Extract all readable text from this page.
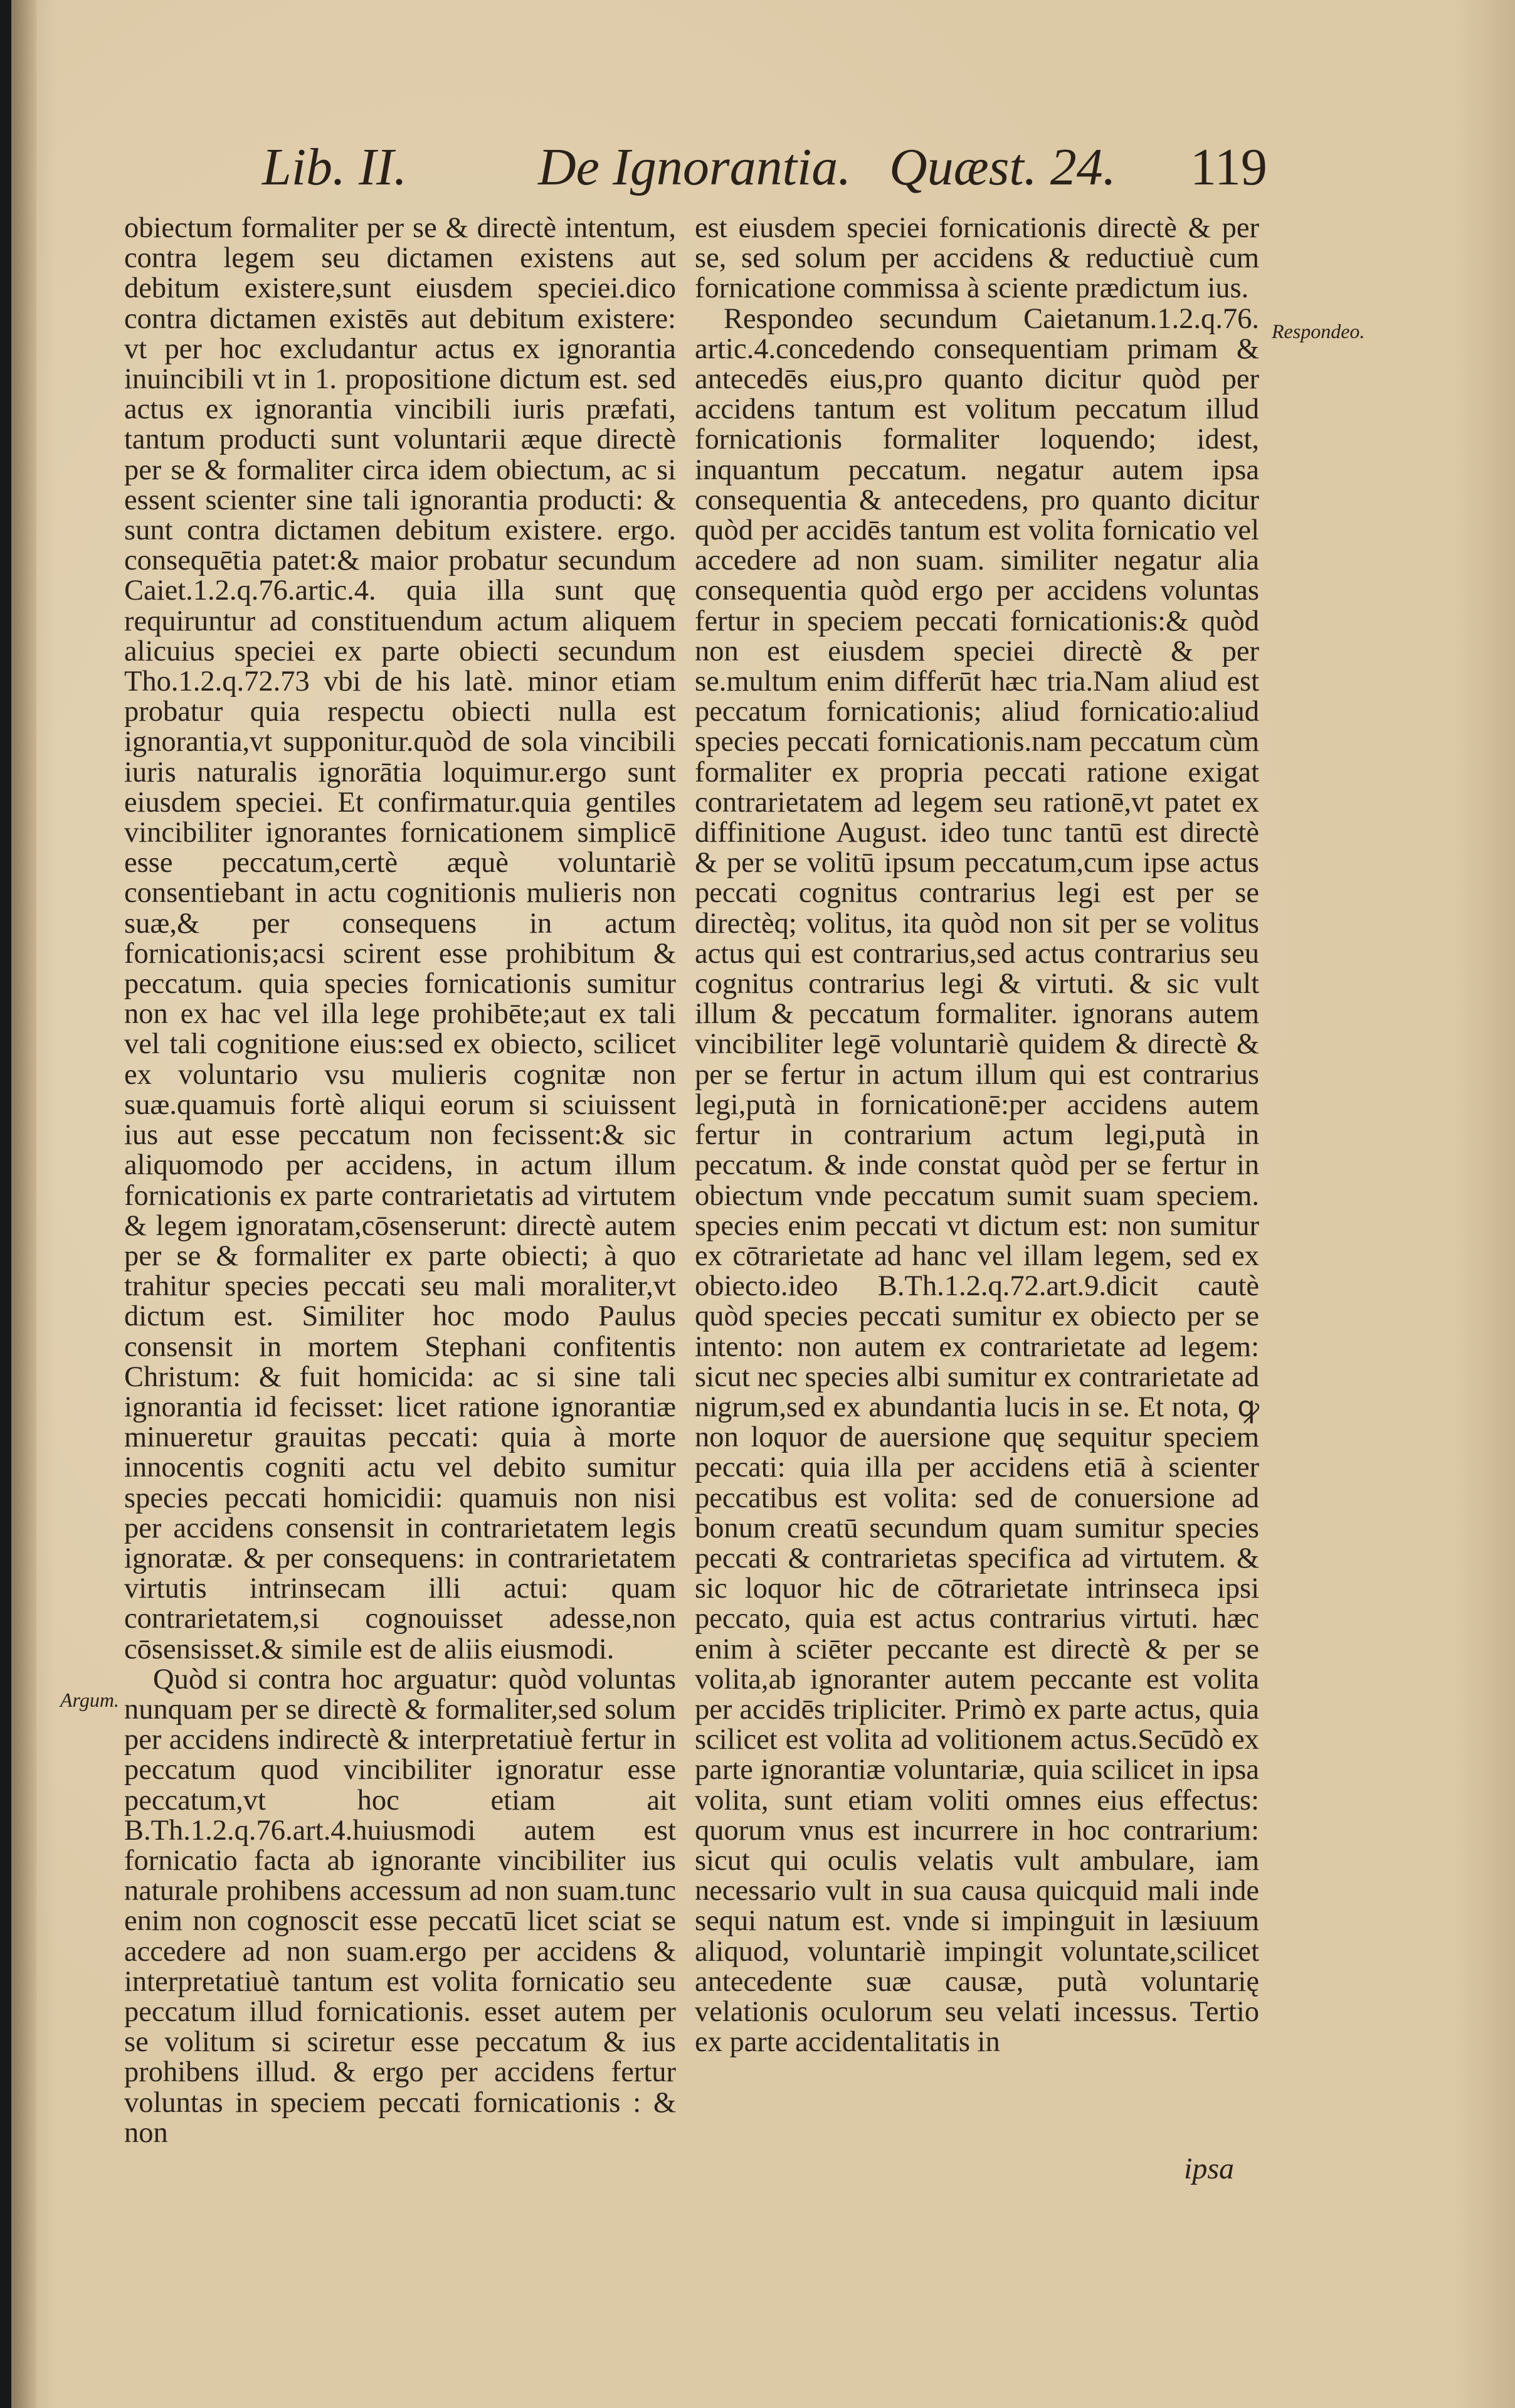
Lib. II. De Ignorantia. Quæst. 24. 119

obiectum formaliter per se & directè intentum, contra legem seu dictamen existens aut debitum existere,sunt eiusdem speciei.dico contra dictamen existēs aut debitum existere: vt per hoc excludantur actus ex ignorantia inuincibili vt in 1. propositione dictum est. sed actus ex ignorantia vincibili iuris præfati, tantum producti sunt voluntarii æque directè per se & formaliter circa idem obiectum, ac si essent scienter sine tali ignorantia producti: & sunt contra dictamen debitum existere. ergo. consequētia patet:& maior probatur secundum Caiet.1.2.q.76.artic.4. quia illa sunt quę requiruntur ad constituendum actum aliquem alicuius speciei ex parte obiecti secundum Tho.1.2.q.72.73 vbi de his latè. minor etiam probatur quia respectu obiecti nulla est ignorantia,vt supponitur.quòd de sola vincibili iuris naturalis ignorātia loquimur.ergo sunt eiusdem speciei. Et confirmatur.quia gentiles vincibiliter ignorantes fornicationem simplicē esse peccatum,certè æquè voluntariè consentiebant in actu cognitionis mulieris non suæ,& per consequens in actum fornicationis;acsi scirent esse prohibitum & peccatum. quia species fornicationis sumitur non ex hac vel illa lege prohibēte;aut ex tali vel tali cognitione eius:sed ex obiecto, scilicet ex voluntario vsu mulieris cognitæ non suæ.quamuis fortè aliqui eorum si sciuissent ius aut esse peccatum non fecissent:& sic aliquomodo per accidens, in actum illum fornicationis ex parte contrarietatis ad virtutem & legem ignoratam,cōsenserunt: directè autem per se & formaliter ex parte obiecti; à quo trahitur species peccati seu mali moraliter,vt dictum est. Similiter hoc modo Paulus consensit in mortem Stephani confitentis Christum: & fuit homicida: ac si sine tali ignorantia id fecisset: licet ratione ignorantiæ minueretur grauitas peccati: quia à morte innocentis cogniti actu vel debito sumitur species peccati homicidii: quamuis non nisi per accidens consensit in contrarietatem legis ignoratæ. & per consequens: in contrarietatem virtutis intrinsecam illi actui: quam contrarietatem,si cognouisset adesse,non cōsensisset.& simile est de aliis eiusmodi.

Quòd si contra hoc arguatur: quòd voluntas nunquam per se directè & formaliter,sed solum per accidens indirectè & interpretatiuè fertur in peccatum quod vincibiliter ignoratur esse peccatum,vt hoc etiam ait B.Th.1.2.q.76.art.4.huiusmodi autem est fornicatio facta ab ignorante vincibiliter ius naturale prohibens accessum ad non suam.tunc enim non cognoscit esse peccatū licet sciat se accedere ad non suam.ergo per accidens & interpretatiuè tantum est volita fornicatio seu peccatum illud fornicationis. esset autem per se volitum si sciretur esse peccatum & ius prohibens illud. & ergo per accidens fertur voluntas in speciem peccati fornicationis : & non

est eiusdem speciei fornicationis directè & per se, sed solum per accidens & reductiuè cum fornicatione commissa à sciente prædictum ius.

Respondeo secundum Caietanum.1.2.q.76. artic.4.concedendo consequentiam primam & antecedēs eius,pro quanto dicitur quòd per accidens tantum est volitum peccatum illud fornicationis formaliter loquendo; idest, inquantum peccatum. negatur autem ipsa consequentia & antecedens, pro quanto dicitur quòd per accidēs tantum est volita fornicatio vel accedere ad non suam. similiter negatur alia consequentia quòd ergo per accidens voluntas fertur in speciem peccati fornicationis:& quòd non est eiusdem speciei directè & per se.multum enim differūt hæc tria.Nam aliud est peccatum fornicationis; aliud fornicatio:aliud species peccati fornicationis.nam peccatum cùm formaliter ex propria peccati ratione exigat contrarietatem ad legem seu rationē,vt patet ex diffinitione August. ideo tunc tantū est directè & per se volitū ipsum peccatum,cum ipse actus peccati cognitus contrarius legi est per se directèq; volitus, ita quòd non sit per se volitus actus qui est contrarius,sed actus contrarius seu cognitus contrarius legi & virtuti. & sic vult illum & peccatum formaliter. ignorans autem vincibiliter legē voluntariè quidem & directè & per se fertur in actum illum qui est contrarius legi,putà in fornicationē:per accidens autem fertur in contrarium actum legi,putà in peccatum. & inde constat quòd per se fertur in obiectum vnde peccatum sumit suam speciem. species enim peccati vt dictum est: non sumitur ex cōtrarietate ad hanc vel illam legem, sed ex obiecto.ideo B.Th.1.2.q.72.art.9.dicit cautè quòd species peccati sumitur ex obiecto per se intento: non autem ex contrarietate ad legem: sicut nec species albi sumitur ex contrarietate ad nigrum,sed ex abundantia lucis in se. Et nota, ꝙ non loquor de auersione quę sequitur speciem peccati: quia illa per accidens etiā à scienter peccatibus est volita: sed de conuersione ad bonum creatū secundum quam sumitur species peccati & contrarietas specifica ad virtutem. & sic loquor hic de cōtrarietate intrinseca ipsi peccato, quia est actus contrarius virtuti. hæc enim à sciēter peccante est directè & per se volita,ab ignoranter autem peccante est volita per accidēs tripliciter. Primò ex parte actus, quia scilicet est volita ad volitionem actus.Secūdò ex parte ignorantiæ voluntariæ, quia scilicet in ipsa volita, sunt etiam voliti omnes eius effectus: quorum vnus est incurrere in hoc contrarium: sicut qui oculis velatis vult ambulare, iam necessario vult in sua causa quicquid mali inde sequi natum est. vnde si impinguit in læsiuum aliquod, voluntariè impingit voluntate,scilicet antecedente suæ causæ, putà voluntarię velationis oculorum seu velati incessus. Tertio ex parte accidentalitatis in

Respondeo.
Argum.
ipsa
